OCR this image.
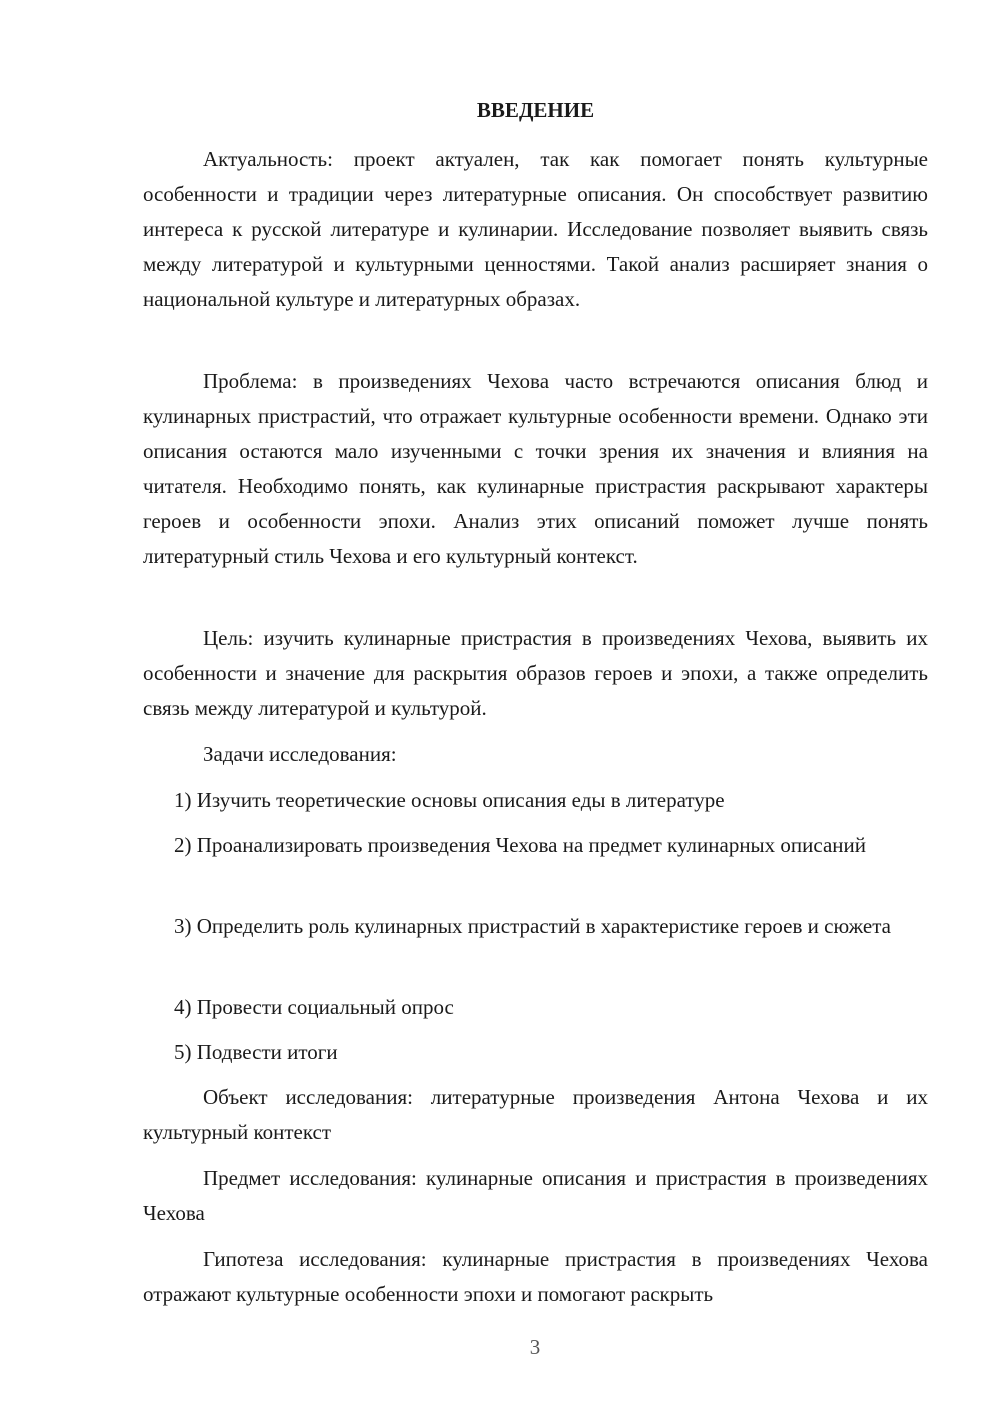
ВВЕДЕНИЕ

Актуальность: проект актуален, так как помогает понять культурные особенности и традиции через литературные описания. Он способствует развитию интереса к русской литературе и кулинарии. Исследование позволяет выявить связь между литературой и культурными ценностями. Такой анализ расширяет знания о национальной культуре и литературных образах.

Проблема: в произведениях Чехова часто встречаются описания блюд и кулинарных пристрастий, что отражает культурные особенности времени. Однако эти описания остаются мало изученными с точки зрения их значения и влияния на читателя. Необходимо понять, как кулинарные пристрастия раскрывают характеры героев и особенности эпохи. Анализ этих описаний поможет лучше понять литературный стиль Чехова и его культурный контекст.

Цель: изучить кулинарные пристрастия в произведениях Чехова, выявить их особенности и значение для раскрытия образов героев и эпохи, а также определить связь между литературой и культурой.

Задачи исследования:

1) Изучить теоретические основы описания еды в литературе

2) Проанализировать произведения Чехова на предмет кулинарных описаний

3) Определить роль кулинарных пристрастий в характеристике героев и сюжета

4) Провести социальный опрос

5) Подвести итоги

Объект исследования: литературные произведения Антона Чехова и их культурный контекст

Предмет исследования: кулинарные описания и пристрастия в произведениях Чехова

Гипотеза исследования: кулинарные пристрастия в произведениях Чехова отражают культурные особенности эпохи и помогают раскрыть

3
